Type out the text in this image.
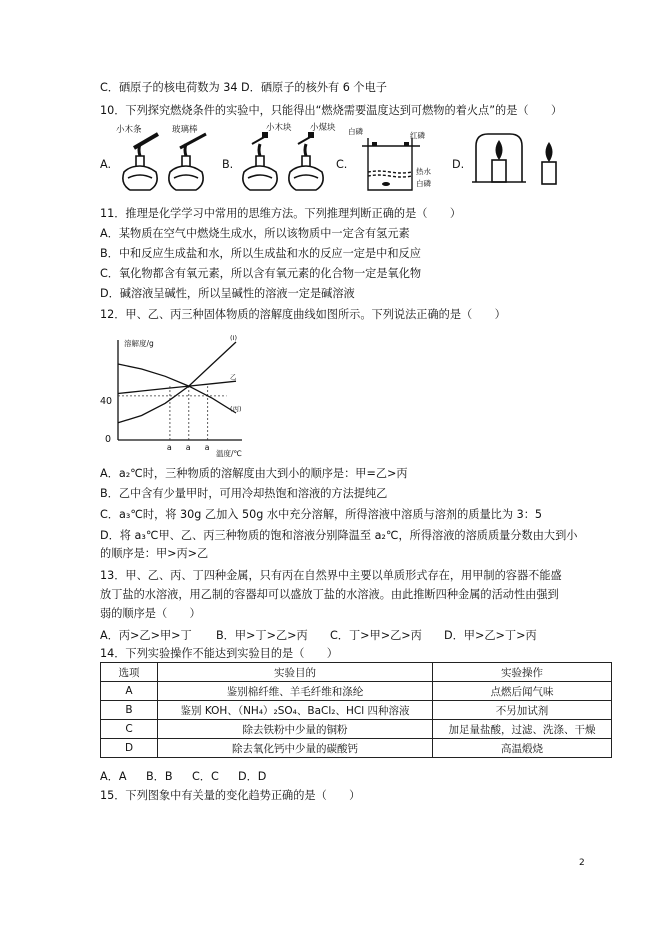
C．硒原子的核电荷数为 34 D．硒原子的核外有 6 个电子
10．下列探究燃烧条件的实验中，只能得出“燃烧需要温度达到可燃物的着火点”的是（　　）
A.	B.	C.	D.
小木条	玻璃棒	小木块 小煤块 白磷	红磷
热水
白磷
11．推理是化学学习中常用的思维方法。下列推理判断正确的是（　　）
A．某物质在空气中燃烧生成水，所以该物质中一定含有氢元素
B．中和反应生成盐和水，所以生成盐和水的反应一定是中和反应
C．氧化物都含有氧元素，所以含有氧元素的化合物一定是氧化物
D．碱溶液呈碱性，所以呈碱性的溶液一定是碱溶液
12．甲、乙、丙三种固体物质的溶解度曲线如图所示。下列说法正确的是（　　）
溶解度/g
温度/℃
40
0
a a a
(I)
乙
(丙)
A．a₂℃时，三种物质的溶解度由大到小的顺序是：甲=乙>丙
B．乙中含有少量甲时，可用冷却热饱和溶液的方法提纯乙
C．a₃℃时，将 30g 乙加入 50g 水中充分溶解，所得溶液中溶质与溶剂的质量比为 3：5
D．将 a₃℃甲、乙、丙三种物质的饱和溶液分别降温至 a₂℃，所得溶液的溶质质量分数由大到小
的顺序是：甲>丙>乙
13．甲、乙、丙、丁四种金属，只有丙在自然界中主要以单质形式存在，用甲制的容器不能盛
放丁盐的水溶液，用乙制的容器却可以盛放丁盐的水溶液。由此推断四种金属的活动性由强到
弱的顺序是（　　）
A．丙>乙>甲>丁 B．甲>丁>乙>丙 C．丁>甲>乙>丙 D．甲>乙>丁>丙
14．下列实验操作不能达到实验目的是（　　）
选项	实验目的	实验操作
A	鉴别棉纤维、羊毛纤维和涤纶	点燃后闻气味
B	鉴别 KOH、（NH₄）₂SO₄、BaCl₂、HCl 四种溶液	不另加试剂
C	除去铁粉中少量的铜粉	加足量盐酸，过滤、洗涤、干燥
D	除去氧化钙中少量的碳酸钙	高温煅烧
A．A B．B C．C D．D
15．下列图象中有关量的变化趋势正确的是（　　）
2
